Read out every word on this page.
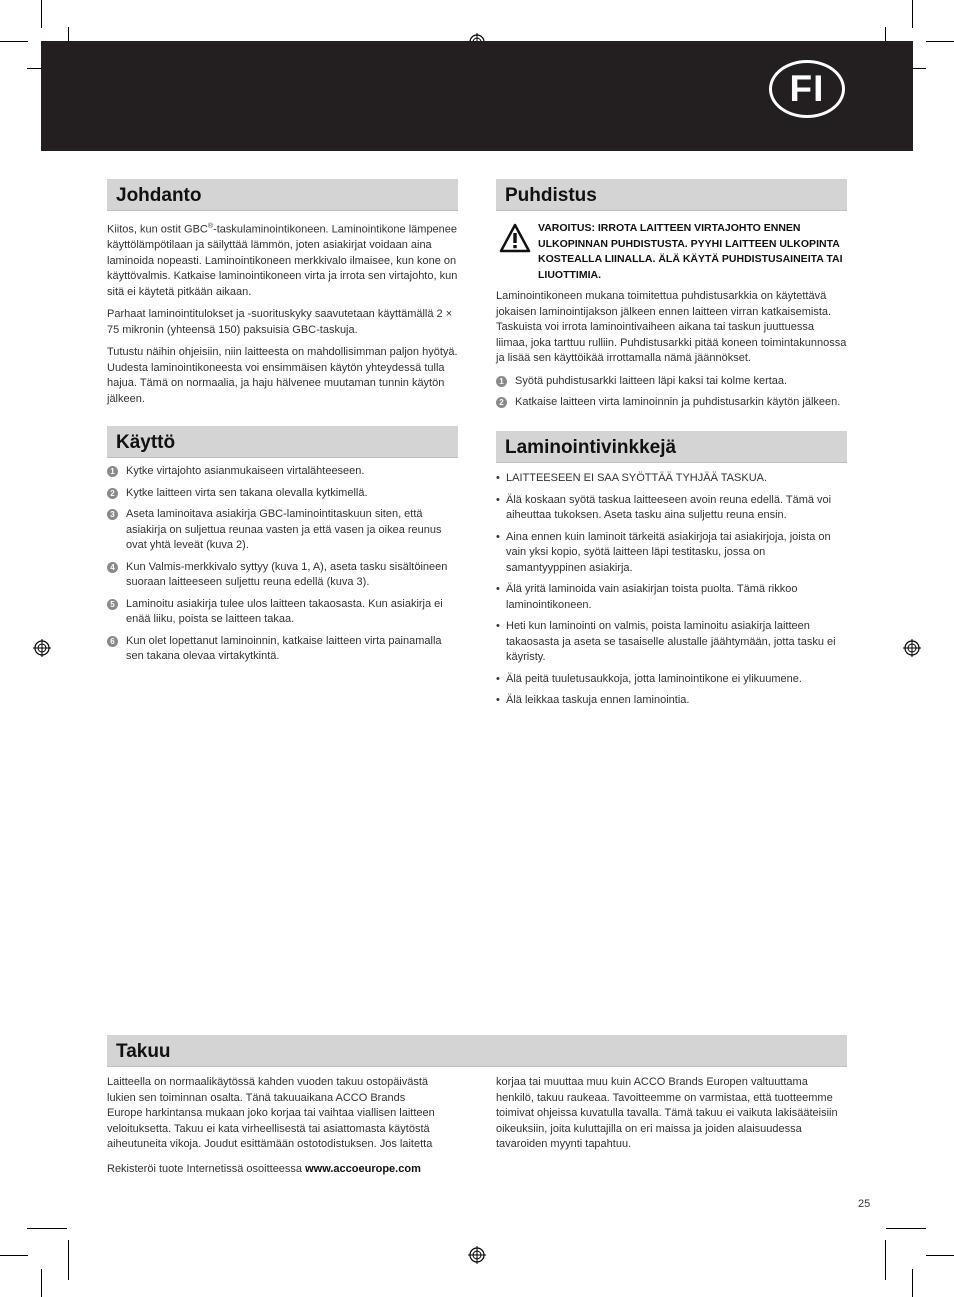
FI
Johdanto

Kiitos, kun ostit GBC®-taskulaminointikoneen. Laminointikone lämpenee käyttölämpötilaan ja säilyttää lämmön, joten asiakirjat voidaan aina laminoida nopeasti. Laminointikoneen merkkivalo ilmaisee, kun kone on käyttövalmis. Katkaise laminointikoneen virta ja irrota sen virtajohto, kun sitä ei käytetä pitkään aikaan.

Parhaat laminointitulokset ja -suorituskyky saavutetaan käyttämällä 2 × 75 mikronin (yhteensä 150) paksuisia GBC-taskuja.

Tutustu näihin ohjeisiin, niin laitteesta on mahdollisimman paljon hyötyä. Uudesta laminointikoneesta voi ensimmäisen käytön yhteydessä tulla hajua. Tämä on normaalia, ja haju hälvenee muutaman tunnin käytön jälkeen.

Käyttö
1 Kytke virtajohto asianmukaiseen virtalähteeseen.
2 Kytke laitteen virta sen takana olevalla kytkimellä.
3 Aseta laminoitava asiakirja GBC-laminointitaskuun siten, että asiakirja on suljettua reunaa vasten ja että vasen ja oikea reunus ovat yhtä leveät (kuva 2).
4 Kun Valmis-merkkivalo syttyy (kuva 1, A), aseta tasku sisältöineen suoraan laitteeseen suljettu reuna edellä (kuva 3).
5 Laminoitu asiakirja tulee ulos laitteen takaosasta. Kun asiakirja ei enää liiku, poista se laitteen takaa.
6 Kun olet lopettanut laminoinnin, katkaise laitteen virta painamalla sen takana olevaa virtakytkintä.
Puhdistus
VAROITUS: IRROTA LAITTEEN VIRTAJOHTO ENNEN ULKOPINNAN PUHDISTUSTA. PYYHI LAITTEEN ULKOPINTA KOSTEALLA LIINALLA. ÄLÄ KÄYTÄ PUHDISTUSAINEITA TAI LIUOTTIMIA.

Laminointikoneen mukana toimitettua puhdistusarkkia on käytettävä jokaisen laminointijakson jälkeen ennen laitteen virran katkaisemista. Taskuista voi irrota laminointivaiheen aikana tai taskun juuttuessa liimaa, joka tarttuu rulliin. Puhdistusarkki pitää koneen toimintakunnossa ja lisää sen käyttöikää irrottamalla nämä jäännökset.

1 Syötä puhdistusarkki laitteen läpi kaksi tai kolme kertaa.
2 Katkaise laitteen virta laminoinnin ja puhdistusarkin käytön jälkeen.
Laminointivinkkejä
• LAITTEESEEN EI SAA SYÖTTÄÄ TYHJÄÄ TASKUA.
• Älä koskaan syötä taskua laitteeseen avoin reuna edellä. Tämä voi aiheuttaa tukoksen. Aseta tasku aina suljettu reuna ensin.
• Aina ennen kuin laminoit tärkeitä asiakirjoja tai asiakirjoja, joista on vain yksi kopio, syötä laitteen läpi testitasku, jossa on samantyyppinen asiakirja.
• Älä yritä laminoida vain asiakirjan toista puolta. Tämä rikkoo laminointikoneen.
• Heti kun laminointi on valmis, poista laminoitu asiakirja laitteen takaosasta ja aseta se tasaiselle alustalle jäähtymään, jotta tasku ei käyristy.
• Älä peitä tuuletusaukkoja, jotta laminointikone ei ylikuumene.
• Älä leikkaa taskuja ennen laminointia.
Takuu

Laitteella on normaalikäytössä kahden vuoden takuu ostopäivästä lukien sen toiminnan osalta. Tänä takuuaikana ACCO Brands Europe harkintansa mukaan joko korjaa tai vaihtaa viallisen laitteen veloituksetta. Takuu ei kata virheellisestä tai asiattomasta käytöstä aiheutuneita vikoja. Joudut esittämään ostotodistuksen. Jos laitetta

Rekisteröi tuote Internetissä osoitteessa www.accoeurope.com

korjaa tai muuttaa muu kuin ACCO Brands Europen valtuuttama henkilö, takuu raukeaa. Tavoitteemme on varmistaa, että tuotteemme toimivat ohjeissa kuvatulla tavalla. Tämä takuu ei vaikuta lakisääteisiin oikeuksiin, joita kuluttajilla on eri maissa ja joiden alaisuudessa tavaroiden myynti tapahtuu.

25
